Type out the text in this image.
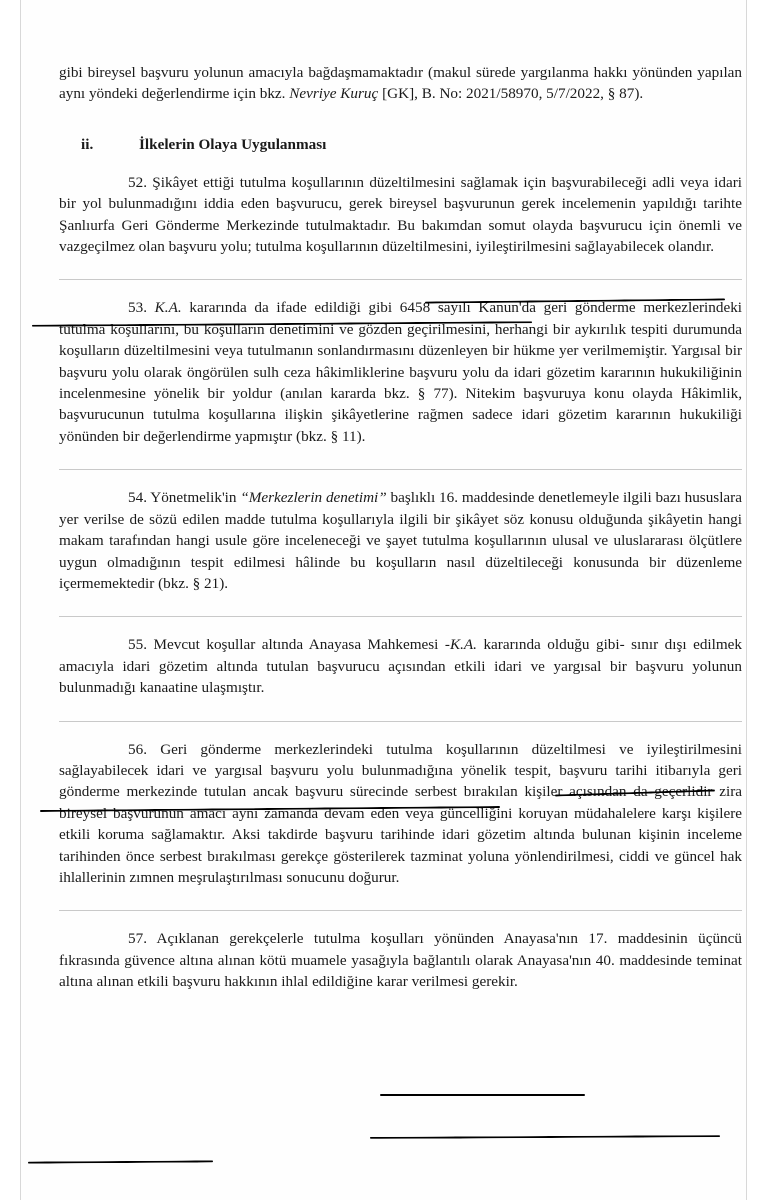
gibi bireysel başvuru yolunun amacıyla bağdaşmamaktadır (makul sürede yargılanma hakkı yönünden yapılan aynı yöndeki değerlendirme için bkz. Nevriye Kuruç [GK], B. No: 2021/58970, 5/7/2022, § 87).

ii.	İlkelerin Olaya Uygulanması

52. Şikâyet ettiği tutulma koşullarının düzeltilmesini sağlamak için başvurabileceği adli veya idari bir yol bulunmadığını iddia eden başvurucu, gerek bireysel başvurunun gerek incelemenin yapıldığı tarihte Şanlıurfa Geri Gönderme Merkezinde tutulmaktadır. Bu bakımdan somut olayda başvurucu için önemli ve vazgeçilmez olan başvuru yolu; tutulma koşullarının düzeltilmesini, iyileştirilmesini sağlayabilecek olandır.

53. K.A. kararında da ifade edildiği gibi 6458 sayılı Kanun'da geri gönderme merkezlerindeki tutulma koşullarını, bu koşulların denetimini ve gözden geçirilmesini, herhangi bir aykırılık tespiti durumunda koşulların düzeltilmesini veya tutulmanın sonlandırmasını düzenleyen bir hükme yer verilmemiştir. Yargısal bir başvuru yolu olarak öngörülen sulh ceza hâkimliklerine başvuru yolu da idari gözetim kararının hukukiliğinin incelenmesine yönelik bir yoldur (anılan kararda bkz. § 77). Nitekim başvuruya konu olayda Hâkimlik, başvurucunun tutulma koşullarına ilişkin şikâyetlerine rağmen sadece idari gözetim kararının hukukiliği yönünden bir değerlendirme yapmıştır (bkz. § 11).

54. Yönetmelik'in “Merkezlerin denetimi” başlıklı 16. maddesinde denetlemeyle ilgili bazı hususlara yer verilse de sözü edilen madde tutulma koşullarıyla ilgili bir şikâyet söz konusu olduğunda şikâyetin hangi makam tarafından hangi usule göre inceleneceği ve şayet tutulma koşullarının ulusal ve uluslararası ölçütlere uygun olmadığının tespit edilmesi hâlinde bu koşulların nasıl düzeltileceği konusunda bir düzenleme içermemektedir (bkz. § 21).

55. Mevcut koşullar altında Anayasa Mahkemesi -K.A. kararında olduğu gibi- sınır dışı edilmek amacıyla idari gözetim altında tutulan başvurucu açısından etkili idari ve yargısal bir başvuru yolunun bulunmadığı kanaatine ulaşmıştır.

56. Geri gönderme merkezlerindeki tutulma koşullarının düzeltilmesi ve iyileştirilmesini sağlayabilecek idari ve yargısal başvuru yolu bulunmadığına yönelik tespit, başvuru tarihi itibarıyla geri gönderme merkezinde tutulan ancak başvuru sürecinde serbest bırakılan kişiler açısından da geçerlidir zira bireysel başvurunun amacı aynı zamanda devam eden veya güncelliğini koruyan müdahalelere karşı kişilere etkili koruma sağlamaktır. Aksi takdirde başvuru tarihinde idari gözetim altında bulunan kişinin inceleme tarihinden önce serbest bırakılması gerekçe gösterilerek tazminat yoluna yönlendirilmesi, ciddi ve güncel hak ihlallerinin zımnen meşrulaştırılması sonucunu doğurur.

57. Açıklanan gerekçelerle tutulma koşulları yönünden Anayasa'nın 17. maddesinin üçüncü fıkrasında güvence altına alınan kötü muamele yasağıyla bağlantılı olarak Anayasa'nın 40. maddesinde teminat altına alınan etkili başvuru hakkının ihlal edildiğine karar verilmesi gerekir.
